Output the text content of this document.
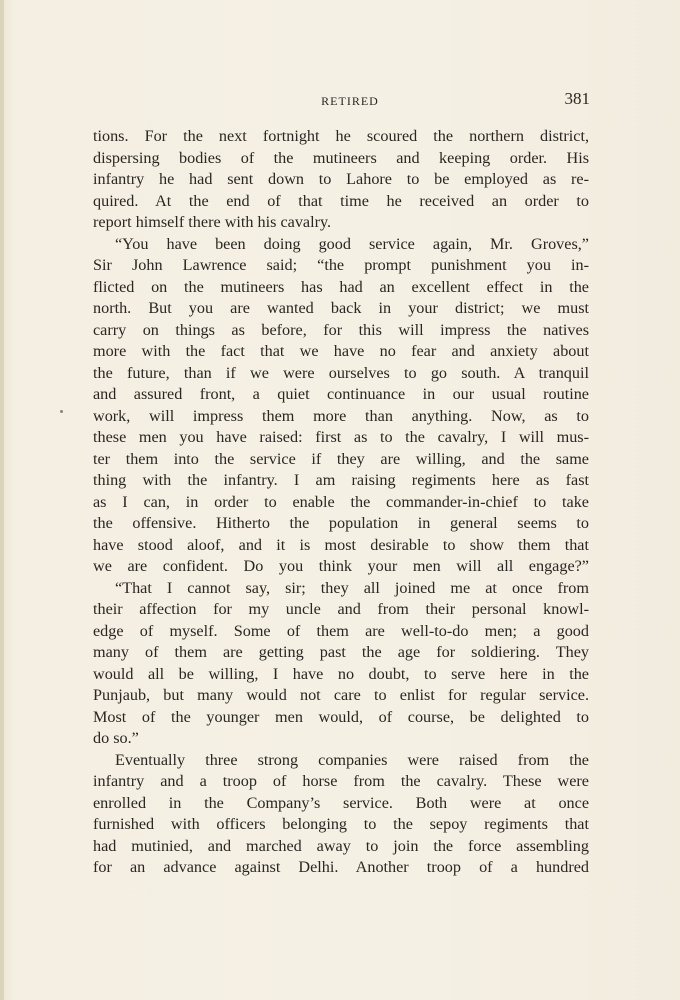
RETIRED	381
tions. For the next fortnight he scoured the northern district,
dispersing bodies of the mutineers and keeping order. His
infantry he had sent down to Lahore to be employed as re-
quired. At the end of that time he received an order to
report himself there with his cavalry.
“You have been doing good service again, Mr. Groves,”
Sir John Lawrence said; “the prompt punishment you in-
flicted on the mutineers has had an excellent effect in the
north. But you are wanted back in your district; we must
carry on things as before, for this will impress the natives
more with the fact that we have no fear and anxiety about
the future, than if we were ourselves to go south. A tranquil
and assured front, a quiet continuance in our usual routine
work, will impress them more than anything. Now, as to
these men you have raised: first as to the cavalry, I will mus-
ter them into the service if they are willing, and the same
thing with the infantry. I am raising regiments here as fast
as I can, in order to enable the commander-in-chief to take
the offensive. Hitherto the population in general seems to
have stood aloof, and it is most desirable to show them that
we are confident. Do you think your men will all engage?”
“That I cannot say, sir; they all joined me at once from
their affection for my uncle and from their personal knowl-
edge of myself. Some of them are well-to-do men; a good
many of them are getting past the age for soldiering. They
would all be willing, I have no doubt, to serve here in the
Punjaub, but many would not care to enlist for regular service.
Most of the younger men would, of course, be delighted to
do so.”
Eventually three strong companies were raised from the
infantry and a troop of horse from the cavalry. These were
enrolled in the Company’s service. Both were at once
furnished with officers belonging to the sepoy regiments that
had mutinied, and marched away to join the force assembling
for an advance against Delhi. Another troop of a hundred
